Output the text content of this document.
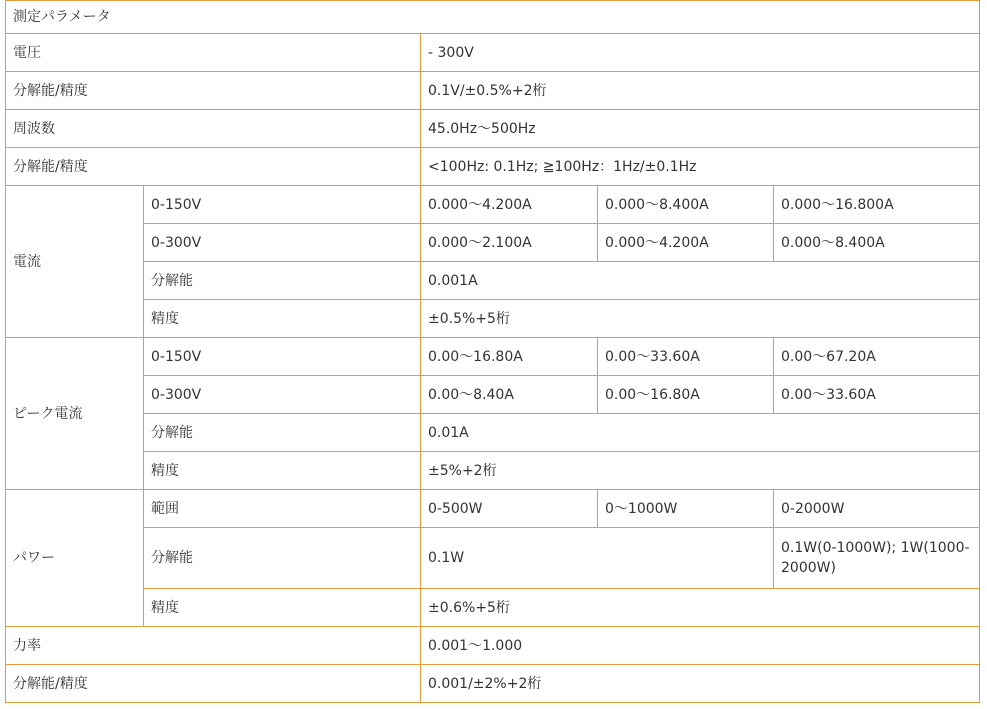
測定パラメータ				
電圧		- 300V		
分解能/精度		0.1V/±0.5%+2桁		
周波数		45.0Hz～500Hz		
分解能/精度		<100Hz: 0.1Hz; ≧100Hz：1Hz/±0.1Hz		
電流	0-150V	0.000～4.200A	0.000～8.400A	0.000～16.800A
	0-300V	0.000～2.100A	0.000～4.200A	0.000～8.400A
	分解能	0.001A		
	精度	±0.5%+5桁		
ピーク電流	0-150V	0.00～16.80A	0.00～33.60A	0.00～67.20A
	0-300V	0.00～8.40A	0.00～16.80A	0.00～33.60A
	分解能	0.01A		
	精度	±5%+2桁		
パワー	範囲	0-500W	0～1000W	0-2000W
	分解能	0.1W		0.1W(0-1000W); 1W(1000-2000W)
	精度	±0.6%+5桁		
力率		0.001～1.000		
分解能/精度		0.001/±2%+2桁		
